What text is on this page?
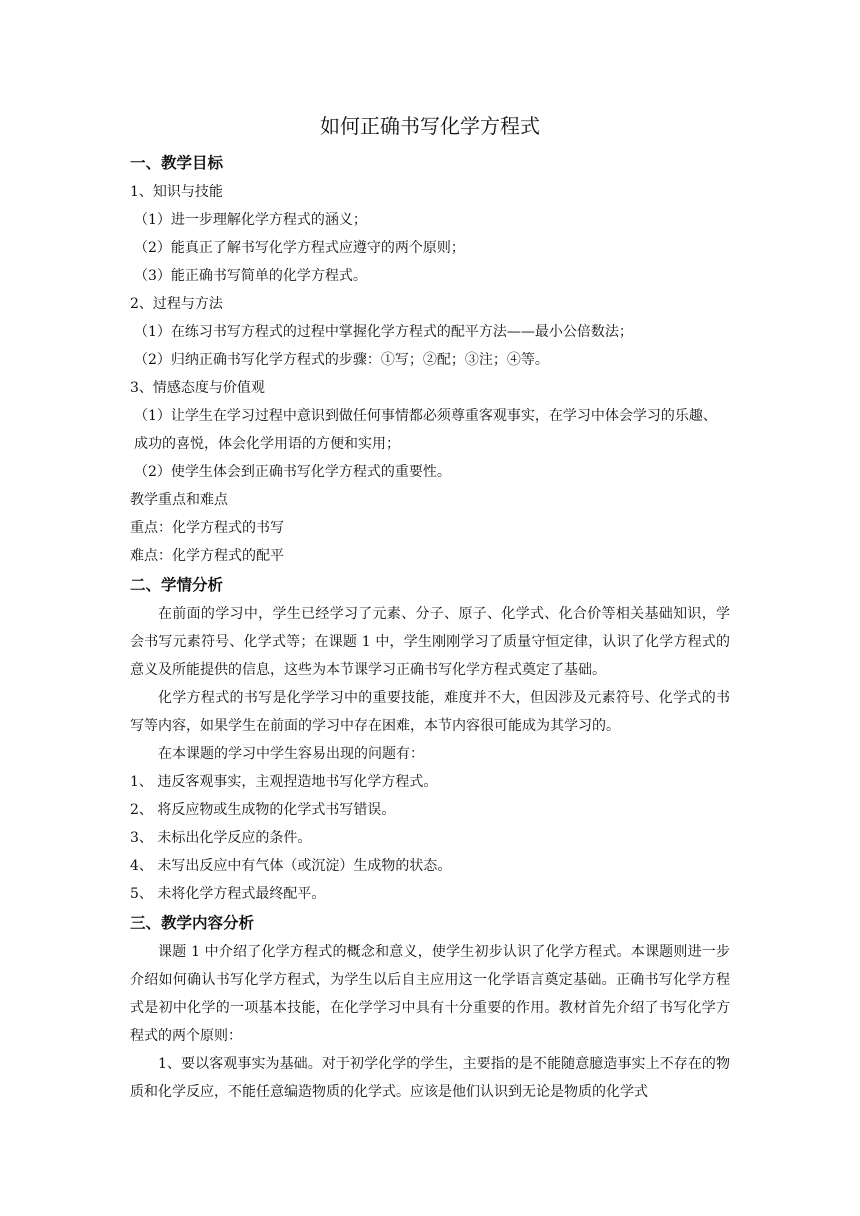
如何正确书写化学方程式
一、教学目标

1、知识与技能

（1）进一步理解化学方程式的涵义；

（2）能真正了解书写化学方程式应遵守的两个原则；

（3）能正确书写简单的化学方程式。

2、过程与方法

（1）在练习书写方程式的过程中掌握化学方程式的配平方法——最小公倍数法；

（2）归纳正确书写化学方程式的步骤：①写；②配；③注；④等。

3、情感态度与价值观

（1）让学生在学习过程中意识到做任何事情都必须尊重客观事实，在学习中体会学习的乐趣、成功的喜悦，体会化学用语的方便和实用；

（2）使学生体会到正确书写化学方程式的重要性。

教学重点和难点

重点：化学方程式的书写

难点：化学方程式的配平

二、学情分析

在前面的学习中，学生已经学习了元素、分子、原子、化学式、化合价等相关基础知识，学会书写元素符号、化学式等；在课题 1 中，学生刚刚学习了质量守恒定律，认识了化学方程式的意义及所能提供的信息，这些为本节课学习正确书写化学方程式奠定了基础。

化学方程式的书写是化学学习中的重要技能，难度并不大，但因涉及元素符号、化学式的书写等内容，如果学生在前面的学习中存在困难，本节内容很可能成为其学习的。

在本课题的学习中学生容易出现的问题有：

1、 违反客观事实，主观捏造地书写化学方程式。

2、 将反应物或生成物的化学式书写错误。

3、 未标出化学反应的条件。

4、 未写出反应中有气体（或沉淀）生成物的状态。

5、 未将化学方程式最终配平。

三、教学内容分析

课题 1 中介绍了化学方程式的概念和意义，使学生初步认识了化学方程式。本课题则进一步介绍如何确认书写化学方程式，为学生以后自主应用这一化学语言奠定基础。正确书写化学方程式是初中化学的一项基本技能，在化学学习中具有十分重要的作用。教材首先介绍了书写化学方程式的两个原则：

1、要以客观事实为基础。对于初学化学的学生，主要指的是不能随意臆造事实上不存在的物质和化学反应，不能任意编造物质的化学式。应该是他们认识到无论是物质的化学式
